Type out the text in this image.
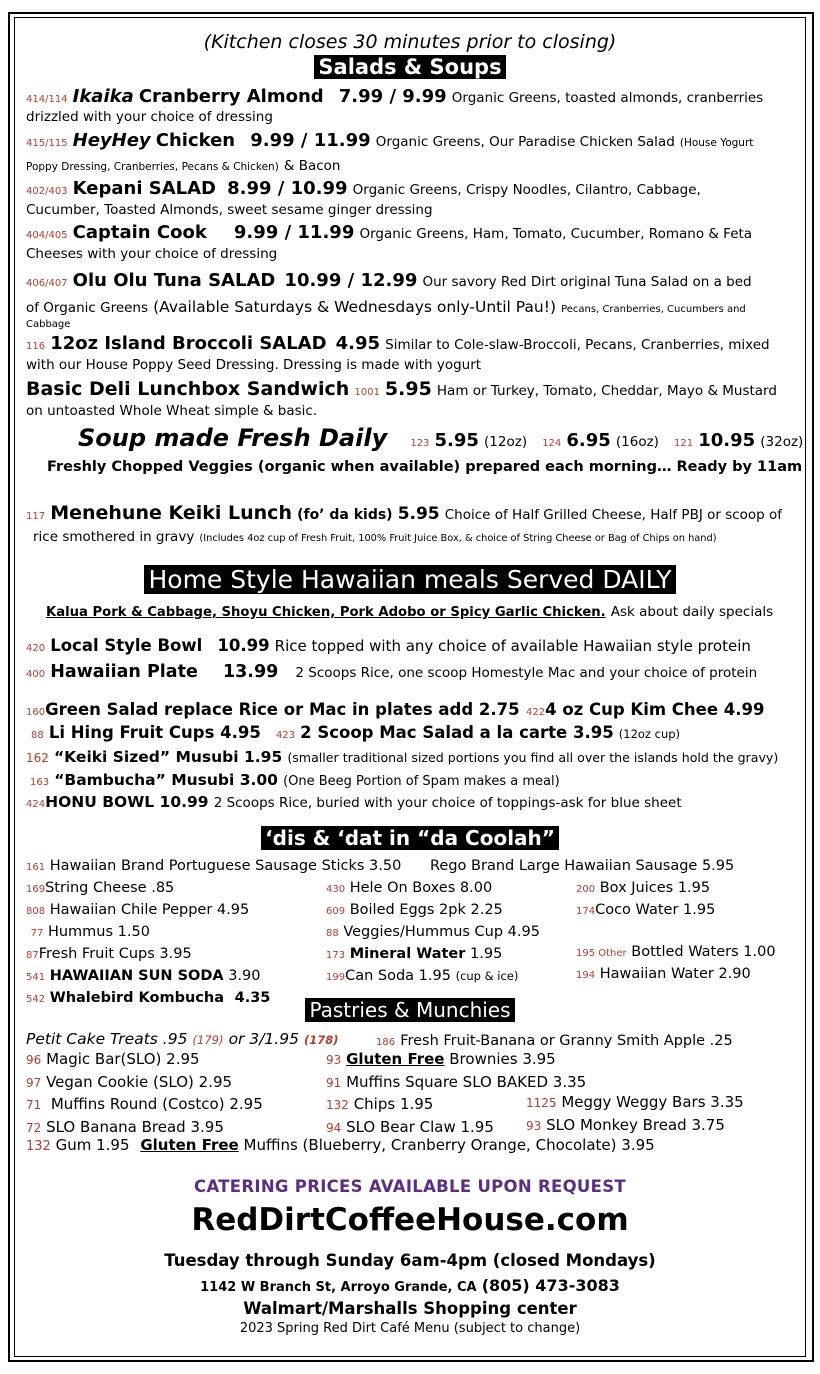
(Kitchen closes 30 minutes prior to closing)
Salads & Soups
414/114 Ikaika Cranberry Almond 7.99 / 9.99 Organic Greens, toasted almonds, cranberries
drizzled with your choice of dressing
415/115 HeyHey Chicken 9.99 / 11.99 Organic Greens, Our Paradise Chicken Salad (House Yogurt
Poppy Dressing, Cranberries, Pecans & Chicken) & Bacon
402/403 Kepani SALAD 8.99 / 10.99 Organic Greens, Crispy Noodles, Cilantro, Cabbage,
Cucumber, Toasted Almonds, sweet sesame ginger dressing
404/405 Captain Cook 9.99 / 11.99 Organic Greens, Ham, Tomato, Cucumber, Romano & Feta
Cheeses with your choice of dressing
406/407 Olu Olu Tuna SALAD 10.99 / 12.99 Our savory Red Dirt original Tuna Salad on a bed
of Organic Greens (Available Saturdays & Wednesdays only-Until Pau!) Pecans, Cranberries, Cucumbers and
Cabbage
116 12oz Island Broccoli SALAD 4.95 Similar to Cole-slaw-Broccoli, Pecans, Cranberries, mixed
with our House Poppy Seed Dressing. Dressing is made with yogurt
Basic Deli Lunchbox Sandwich 1001 5.95 Ham or Turkey, Tomato, Cheddar, Mayo & Mustard
on untoasted Whole Wheat simple & basic.
Soup made Fresh Daily 123 5.95 (12oz) 124 6.95 (16oz) 121 10.95 (32oz)
Freshly Chopped Veggies (organic when available) prepared each morning… Ready by 11am
117 Menehune Keiki Lunch (fo’ da kids) 5.95 Choice of Half Grilled Cheese, Half PBJ or scoop of
rice smothered in gravy (Includes 4oz cup of Fresh Fruit, 100% Fruit Juice Box, & choice of String Cheese or Bag of Chips on hand)
Home Style Hawaiian meals Served DAILY
Kalua Pork & Cabbage, Shoyu Chicken, Pork Adobo or Spicy Garlic Chicken. Ask about daily specials
420 Local Style Bowl 10.99 Rice topped with any choice of available Hawaiian style protein
400 Hawaiian Plate 13.99 2 Scoops Rice, one scoop Homestyle Mac and your choice of protein
160Green Salad replace Rice or Mac in plates add 2.75 4224 oz Cup Kim Chee 4.99
88 Li Hing Fruit Cups 4.95 423 2 Scoop Mac Salad a la carte 3.95 (12oz cup)
162 “Keiki Sized” Musubi 1.95 (smaller traditional sized portions you find all over the islands hold the gravy)
163 “Bambucha” Musubi 3.00 (One Beeg Portion of Spam makes a meal)
424HONU BOWL 10.99 2 Scoops Rice, buried with your choice of toppings-ask for blue sheet
‘dis & ‘dat in “da Coolah”
161 Hawaiian Brand Portuguese Sausage Sticks 3.50 Rego Brand Large Hawaiian Sausage 5.95
169String Cheese .85
808 Hawaiian Chile Pepper 4.95
77 Hummus 1.50
87Fresh Fruit Cups 3.95
541 HAWAIIAN SUN SODA 3.90
542 Whalebird Kombucha 4.35
430 Hele On Boxes 8.00
609 Boiled Eggs 2pk 2.25
88 Veggies/Hummus Cup 4.95
173 Mineral Water 1.95
199Can Soda 1.95 (cup & ice)
200 Box Juices 1.95
174Coco Water 1.95

195 Other Bottled Waters 1.00
194 Hawaiian Water 2.90
Pastries & Munchies
Petit Cake Treats .95 (179) or 3/1.95 (178)	186 Fresh Fruit-Banana or Granny Smith Apple .25
96 Magic Bar(SLO) 2.95
97 Vegan Cookie (SLO) 2.95
71 Muffins Round (Costco) 2.95
72 SLO Banana Bread 3.95
93 Gluten Free Brownies 3.95
91 Muffins Square SLO BAKED 3.35
132 Chips 1.95
94 SLO Bear Claw 1.95
1125 Meggy Weggy Bars 3.35
93 SLO Monkey Bread 3.75
132 Gum 1.95 Gluten Free Muffins (Blueberry, Cranberry Orange, Chocolate) 3.95
CATERING PRICES AVAILABLE UPON REQUEST
RedDirtCoffeeHouse.com
Tuesday through Sunday 6am-4pm (closed Mondays)
1142 W Branch St, Arroyo Grande, CA (805) 473-3083
Walmart/Marshalls Shopping center
2023 Spring Red Dirt Café Menu (subject to change)
